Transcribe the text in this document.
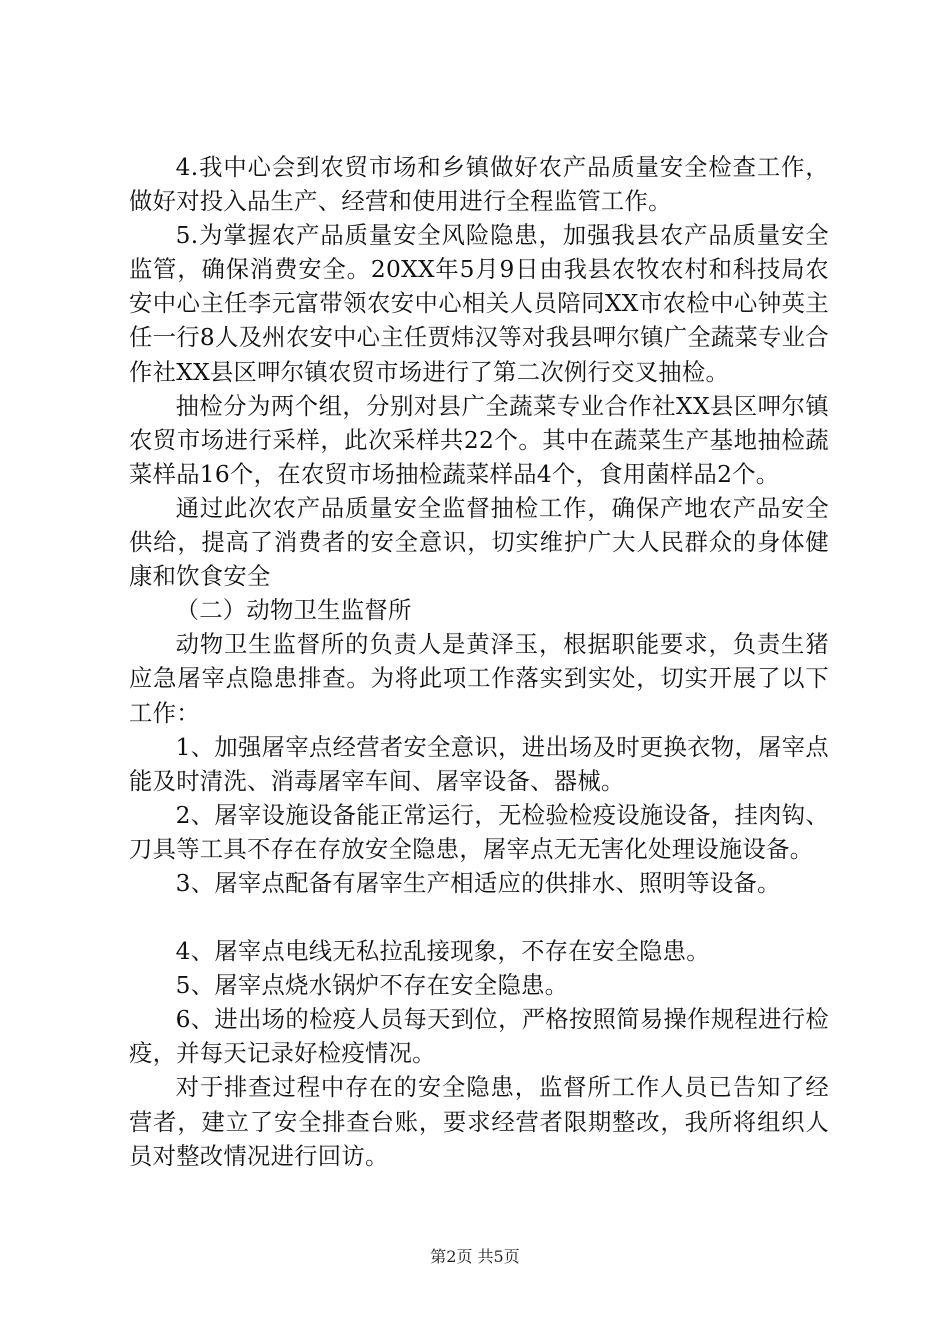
4.我中心会到农贸市场和乡镇做好农产品质量安全检查工作，做好对投入品生产、经营和使用进行全程监管工作。

5.为掌握农产品质量安全风险隐患，加强我县农产品质量安全监管，确保消费安全。20XX年5月9日由我县农牧农村和科技局农安中心主任李元富带领农安中心相关人员陪同XX市农检中心钟英主任一行8人及州农安中心主任贾炜汉等对我县呷尔镇广全蔬菜专业合作社XX县区呷尔镇农贸市场进行了第二次例行交叉抽检。

抽检分为两个组，分别对县广全蔬菜专业合作社XX县区呷尔镇农贸市场进行采样，此次采样共22个。其中在蔬菜生产基地抽检蔬菜样品16个，在农贸市场抽检蔬菜样品4个，食用菌样品2个。

通过此次农产品质量安全监督抽检工作，确保产地农产品安全供给，提高了消费者的安全意识，切实维护广大人民群众的身体健康和饮食安全

（二）动物卫生监督所

动物卫生监督所的负责人是黄泽玉，根据职能要求，负责生猪应急屠宰点隐患排查。为将此项工作落实到实处，切实开展了以下工作：

1、加强屠宰点经营者安全意识，进出场及时更换衣物，屠宰点能及时清洗、消毒屠宰车间、屠宰设备、器械。

2、屠宰设施设备能正常运行，无检验检疫设施设备，挂肉钩、刀具等工具不存在存放安全隐患，屠宰点无无害化处理设施设备。

3、屠宰点配备有屠宰生产相适应的供排水、照明等设备。

4、屠宰点电线无私拉乱接现象，不存在安全隐患。

5、屠宰点烧水锅炉不存在安全隐患。

6、进出场的检疫人员每天到位，严格按照简易操作规程进行检疫，并每天记录好检疫情况。

对于排查过程中存在的安全隐患，监督所工作人员已告知了经营者，建立了安全排查台账，要求经营者限期整改，我所将组织人员对整改情况进行回访。

第2页 共5页
